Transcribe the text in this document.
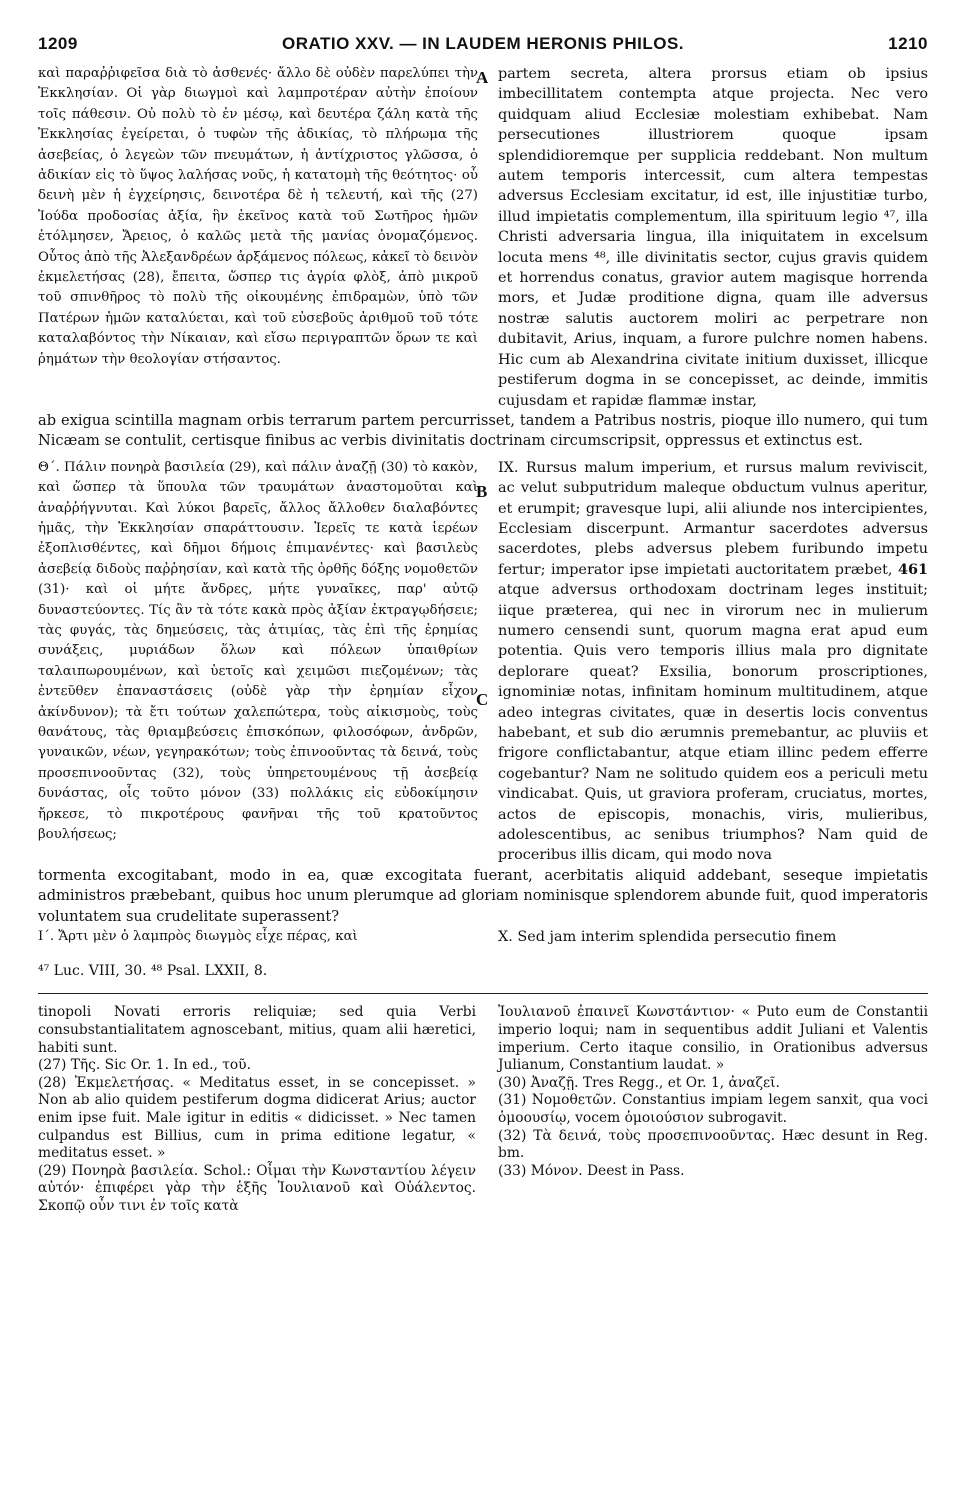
1209	ORATIO XXV. — IN LAUDEM HERONIS PHILOS.	1210

καὶ παραῤῥιφεῖσα διὰ τὸ ἀσθενές· ἄλλο δὲ οὐδὲν παρελύπει τὴν Ἐκκλησίαν. Οἱ γὰρ διωγμοὶ καὶ λαμπροτέραν αὐτὴν ἐποίουν τοῖς πάθεσιν. Οὐ πολὺ τὸ ἐν μέσῳ, καὶ δευτέρα ζάλη κατὰ τῆς Ἐκκλησίας ἐγείρεται, ὁ τυφὼν τῆς ἀδικίας, τὸ πλήρωμα τῆς ἀσεβείας, ὁ λεγεὼν τῶν πνευμάτων, ἡ ἀντίχριστος γλῶσσα, ὁ ἀδικίαν εἰς τὸ ὕψος λαλήσας νοῦς, ἡ κατατομὴ τῆς θεότητος· οὗ δεινὴ μὲν ἡ ἐγχείρησις, δεινοτέρα δὲ ἡ τελευτή, καὶ τῆς (27) Ἰούδα προδοσίας ἀξία, ἣν ἐκεῖνος κατὰ τοῦ Σωτῆρος ἡμῶν ἐτόλμησεν, Ἄρειος, ὁ καλῶς μετὰ τῆς μανίας ὀνομαζόμενος. Οὗτος ἀπὸ τῆς Ἀλεξανδρέων ἀρξάμενος πόλεως, κἀκεῖ τὸ δεινὸν ἐκμελετήσας (28), ἔπειτα, ὥσπερ τις ἀγρία φλὸξ, ἀπὸ μικροῦ τοῦ σπινθῆρος τὸ πολὺ τῆς οἰκουμένης ἐπιδραμὼν, ὑπὸ τῶν Πατέρων ἡμῶν καταλύεται, καὶ τοῦ εὐσεβοῦς ἀριθμοῦ τοῦ τότε καταλαβόντος τὴν Νίκαιαν, καὶ εἴσω περιγραπτῶν ὅρων τε καὶ ῥημάτων τὴν θεολογίαν στήσαντος.

A
B

partem secreta, altera prorsus etiam ob ipsius imbecillitatem contempta atque projecta. Nec vero quidquam aliud Ecclesiæ molestiam exhibebat. Nam persecutiones illustriorem quoque ipsam splendidioremque per supplicia reddebant. Non multum autem temporis intercessit, cum altera tempestas adversus Ecclesiam excitatur, id est, ille injustitiæ turbo, illud impietatis complementum, illa spirituum legio ⁴⁷, illa Christi adversaria lingua, illa iniquitatem in excelsum locuta mens ⁴⁸, ille divinitatis sector, cujus gravis quidem et horrendus conatus, gravior autem magisque horrenda mors, et Judæ proditione digna, quam ille adversus nostræ salutis auctorem moliri ac perpetrare non dubitavit, Arius, inquam, a furore pulchre nomen habens. Hic cum ab Alexandrina civitate initium duxisset, illicque pestiferum dogma in se concepisset, ac deinde, immitis cujusdam et rapidæ flammæ instar,

ab exigua scintilla magnam orbis terrarum partem percurrisset, tandem a Patribus nostris, pioque illo numero, qui tum Nicæam se contulit, certisque finibus ac verbis divinitatis doctrinam circumscripsit, oppressus et extinctus est.

Θ΄. Πάλιν πονηρὰ βασιλεία (29), καὶ πάλιν ἀναζῇ (30) τὸ κακὸν, καὶ ὥσπερ τὰ ὕπουλα τῶν τραυμάτων ἀναστομοῦται καὶ ἀναῤῥήγνυται. Καὶ λύκοι βαρεῖς, ἄλλος ἄλλοθεν διαλαβόντες ἡμᾶς, τὴν Ἐκκλησίαν σπαράττουσιν. Ἱερεῖς τε κατὰ ἱερέων ἐξοπλισθέντες, καὶ δῆμοι δήμοις ἐπιμανέντες· καὶ βασιλεὺς ἀσεβείᾳ διδοὺς παῤῥησίαν, καὶ κατὰ τῆς ὀρθῆς δόξης νομοθετῶν (31)· καὶ οἱ μήτε ἄνδρες, μήτε γυναῖκες, παρ' αὐτῷ δυναστεύοντες. Τίς ἂν τὰ τότε κακὰ πρὸς ἀξίαν ἐκτραγῳδήσειε; τὰς φυγάς, τὰς δημεύσεις, τὰς ἀτιμίας, τὰς ἐπὶ τῆς ἐρημίας συνάξεις, μυριάδων ὅλων καὶ πόλεων ὑπαιθρίων ταλαιπωρουμένων, καὶ ὑετοῖς καὶ χειμῶσι πιεζομένων; τὰς ἐντεῦθεν ἐπαναστάσεις (οὐδὲ γὰρ τὴν ἐρημίαν εἶχον ἀκίνδυνον); τὰ ἔτι τούτων χαλεπώτερα, τοὺς αἰκισμοὺς, τοὺς θανάτους, τὰς θριαμβεύσεις ἐπισκόπων, φιλοσόφων, ἀνδρῶν, γυναικῶν, νέων, γεγηρακότων; τοὺς ἐπινοοῦντας τὰ δεινά, τοὺς προσεπινοοῦντας (32), τοὺς ὑπηρετουμένους τῇ ἀσεβείᾳ δυνάστας, οἷς τοῦτο μόνον (33) πολλάκις εἰς εὐδοκίμησιν ἤρκεσε, τὸ πικροτέρους φανῆναι τῆς τοῦ κρατοῦντος βουλήσεως;

C

IX. Rursus malum imperium, et rursus malum reviviscit, ac velut subputridum maleque obductum vulnus aperitur, et erumpit; gravesque lupi, alii aliunde nos intercipientes, Ecclesiam discerpunt. Armantur sacerdotes adversus sacerdotes, plebs adversus plebem furibundo impetu fertur; imperator ipse impietati auctoritatem præbet, 461 atque adversus orthodoxam doctrinam leges instituit; iique præterea, qui nec in virorum nec in mulierum numero censendi sunt, quorum magna erat apud eum potentia. Quis vero temporis illius mala pro dignitate deplorare queat? Exsilia, bonorum proscriptiones, ignominiæ notas, infinitam hominum multitudinem, atque adeo integras civitates, quæ in desertis locis conventus habebant, et sub dio ærumnis premebantur, ac pluviis et frigore conflictabantur, atque etiam illinc pedem efferre cogebantur? Nam ne solitudo quidem eos a periculi metu vindicabat. Quis, ut graviora proferam, cruciatus, mortes, actos de episcopis, monachis, viris, mulieribus, adolescentibus, ac senibus triumphos? Nam quid de proceribus illis dicam, qui modo nova

tormenta excogitabant, modo in ea, quæ excogitata fuerant, acerbitatis aliquid addebant, seseque impietatis administros præbebant, quibus hoc unum plerumque ad gloriam nominisque splendorem abunde fuit, quod imperatoris voluntatem sua crudelitate superassent?

Ι΄. Ἄρτι μὲν ὁ λαμπρὸς διωγμὸς εἶχε πέρας, καὶ	X. Sed jam interim splendida persecutio finem

⁴⁷ Luc. VIII, 30. ⁴⁸ Psal. LXXII, 8.

tinopoli Novati erroris reliquiæ; sed quia Verbi consubstantialitatem agnoscebant, mitius, quam alii hæretici, habiti sunt.

(27) Τῆς. Sic Or. 1. In ed., τοῦ.

(28) Ἐκμελετήσας. « Meditatus esset, in se concepisset. » Non ab alio quidem pestiferum dogma didicerat Arius; auctor enim ipse fuit. Male igitur in editis « didicisset. » Nec tamen culpandus est Billius, cum in prima editione legatur, « meditatus esset. »

(29) Πονηρὰ βασιλεία. Schol.: Οἶμαι τὴν Κωνσταντίου λέγειν αὐτόν· ἐπιφέρει γὰρ τὴν ἑξῆς Ἰουλιανοῦ καὶ Οὐάλεντος. Σκοπῷ οὖν τινι ἐν τοῖς κατὰ

Ἰουλιανοῦ ἐπαινεῖ Κωνστάντιον· « Puto eum de Constantii imperio loqui; nam in sequentibus addit Juliani et Valentis imperium. Certo itaque consilio, in Orationibus adversus Julianum, Constantium laudat. »

(30) Ἀναζῇ. Tres Regg., et Or. 1, ἀναζεῖ.

(31) Νομοθετῶν. Constantius impiam legem sanxit, qua voci ὁμοουσίῳ, vocem ὁμοιούσιον subrogavit.

(32) Τὰ δεινά, τοὺς προσεπινοοῦντας. Hæc desunt in Reg. bm.

(33) Μόνον. Deest in Pass.
